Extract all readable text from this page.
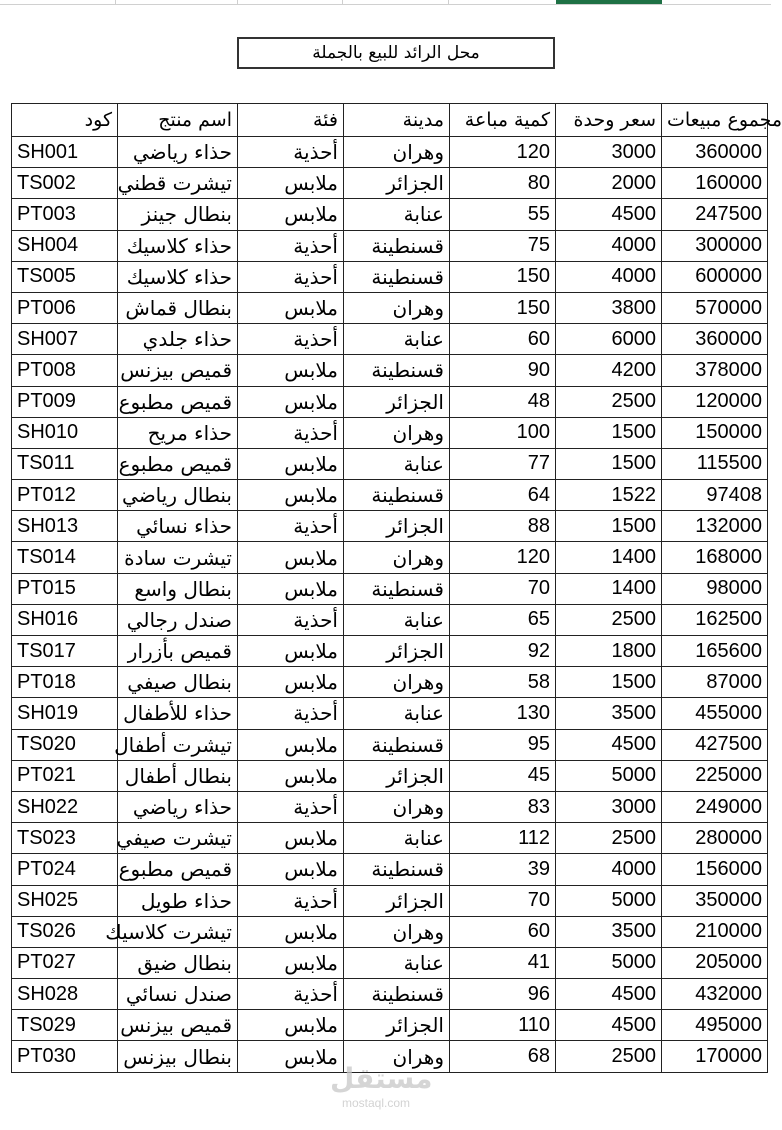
محل الرائد للبيع بالجملة
كود	اسم منتج	فئة	مدينة	كمية مباعة	سعر وحدة	مجموع مبيعات
SH001	حذاء رياضي	أحذية	وهران	120	3000	360000
TS002	تيشرت قطني	ملابس	الجزائر	80	2000	160000
PT003	بنطال جينز	ملابس	عنابة	55	4500	247500
SH004	حذاء كلاسيك	أحذية	قسنطينة	75	4000	300000
TS005	حذاء كلاسيك	أحذية	قسنطينة	150	4000	600000
PT006	بنطال قماش	ملابس	وهران	150	3800	570000
SH007	حذاء جلدي	أحذية	عنابة	60	6000	360000
PT008	قميص بيزنس	ملابس	قسنطينة	90	4200	378000
PT009	قميص مطبوع	ملابس	الجزائر	48	2500	120000
SH010	حذاء مريح	أحذية	وهران	100	1500	150000
TS011	قميص مطبوع	ملابس	عنابة	77	1500	115500
PT012	بنطال رياضي	ملابس	قسنطينة	64	1522	97408
SH013	حذاء نسائي	أحذية	الجزائر	88	1500	132000
TS014	تيشرت سادة	ملابس	وهران	120	1400	168000
PT015	بنطال واسع	ملابس	قسنطينة	70	1400	98000
SH016	صندل رجالي	أحذية	عنابة	65	2500	162500
TS017	قميص بأزرار	ملابس	الجزائر	92	1800	165600
PT018	بنطال صيفي	ملابس	وهران	58	1500	87000
SH019	حذاء للأطفال	أحذية	عنابة	130	3500	455000
TS020	تيشرت أطفال	ملابس	قسنطينة	95	4500	427500
PT021	بنطال أطفال	ملابس	الجزائر	45	5000	225000
SH022	حذاء رياضي	أحذية	وهران	83	3000	249000
TS023	تيشرت صيفي	ملابس	عنابة	112	2500	280000
PT024	قميص مطبوع	ملابس	قسنطينة	39	4000	156000
SH025	حذاء طويل	أحذية	الجزائر	70	5000	350000
TS026	تيشرت كلاسيك	ملابس	وهران	60	3500	210000
PT027	بنطال ضيق	ملابس	عنابة	41	5000	205000
SH028	صندل نسائي	أحذية	قسنطينة	96	4500	432000
TS029	قميص بيزنس	ملابس	الجزائر	110	4500	495000
PT030	بنطال بيزنس	ملابس	وهران	68	2500	170000
مستقل
mostaql.com
